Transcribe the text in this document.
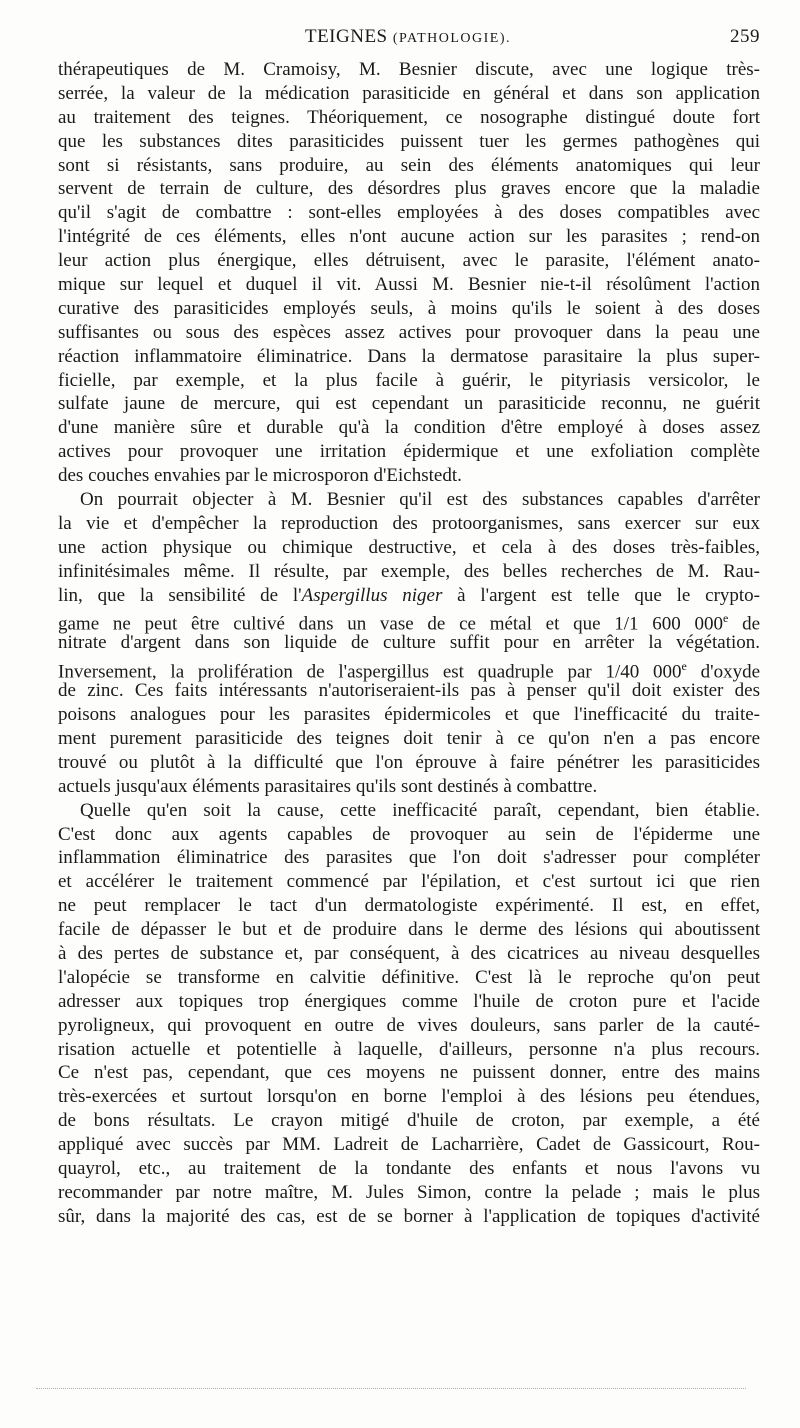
TEIGNES (PATHOLOGIE).	259
thérapeutiques de M. Cramoisy, M. Besnier discute, avec une logique très-
serrée, la valeur de la médication parasiticide en général et dans son application
au traitement des teignes. Théoriquement, ce nosographe distingué doute fort
que les substances dites parasiticides puissent tuer les germes pathogènes qui
sont si résistants, sans produire, au sein des éléments anatomiques qui leur
servent de terrain de culture, des désordres plus graves encore que la maladie
qu'il s'agit de combattre : sont-elles employées à des doses compatibles avec
l'intégrité de ces éléments, elles n'ont aucune action sur les parasites ; rend-on
leur action plus énergique, elles détruisent, avec le parasite, l'élément anato-
mique sur lequel et duquel il vit. Aussi M. Besnier nie-t-il résolûment l'action
curative des parasiticides employés seuls, à moins qu'ils le soient à des doses
suffisantes ou sous des espèces assez actives pour provoquer dans la peau une
réaction inflammatoire éliminatrice. Dans la dermatose parasitaire la plus super-
ficielle, par exemple, et la plus facile à guérir, le pityriasis versicolor, le
sulfate jaune de mercure, qui est cependant un parasiticide reconnu, ne guérit
d'une manière sûre et durable qu'à la condition d'être employé à doses assez
actives pour provoquer une irritation épidermique et une exfoliation complète
des couches envahies par le microsporon d'Eichstedt.
On pourrait objecter à M. Besnier qu'il est des substances capables d'arrêter
la vie et d'empêcher la reproduction des protoorganismes, sans exercer sur eux
une action physique ou chimique destructive, et cela à des doses très-faibles,
infinitésimales même. Il résulte, par exemple, des belles recherches de M. Rau-
lin, que la sensibilité de l'Aspergillus niger à l'argent est telle que le crypto-
game ne peut être cultivé dans un vase de ce métal et que 1/1 600 000e de
nitrate d'argent dans son liquide de culture suffit pour en arrêter la végétation.
Inversement, la prolifération de l'aspergillus est quadruple par 1/40 000e d'oxyde
de zinc. Ces faits intéressants n'autoriseraient-ils pas à penser qu'il doit exister des
poisons analogues pour les parasites épidermicoles et que l'inefficacité du traite-
ment purement parasiticide des teignes doit tenir à ce qu'on n'en a pas encore
trouvé ou plutôt à la difficulté que l'on éprouve à faire pénétrer les parasiticides
actuels jusqu'aux éléments parasitaires qu'ils sont destinés à combattre.
Quelle qu'en soit la cause, cette inefficacité paraît, cependant, bien établie.
C'est donc aux agents capables de provoquer au sein de l'épiderme une
inflammation éliminatrice des parasites que l'on doit s'adresser pour compléter
et accélérer le traitement commencé par l'épilation, et c'est surtout ici que rien
ne peut remplacer le tact d'un dermatologiste expérimenté. Il est, en effet,
facile de dépasser le but et de produire dans le derme des lésions qui aboutissent
à des pertes de substance et, par conséquent, à des cicatrices au niveau desquelles
l'alopécie se transforme en calvitie définitive. C'est là le reproche qu'on peut
adresser aux topiques trop énergiques comme l'huile de croton pure et l'acide
pyroligneux, qui provoquent en outre de vives douleurs, sans parler de la cauté-
risation actuelle et potentielle à laquelle, d'ailleurs, personne n'a plus recours.
Ce n'est pas, cependant, que ces moyens ne puissent donner, entre des mains
très-exercées et surtout lorsqu'on en borne l'emploi à des lésions peu étendues,
de bons résultats. Le crayon mitigé d'huile de croton, par exemple, a été
appliqué avec succès par MM. Ladreit de Lacharrière, Cadet de Gassicourt, Rou-
quayrol, etc., au traitement de la tondante des enfants et nous l'avons vu
recommander par notre maître, M. Jules Simon, contre la pelade ; mais le plus
sûr, dans la majorité des cas, est de se borner à l'application de topiques d'activité
